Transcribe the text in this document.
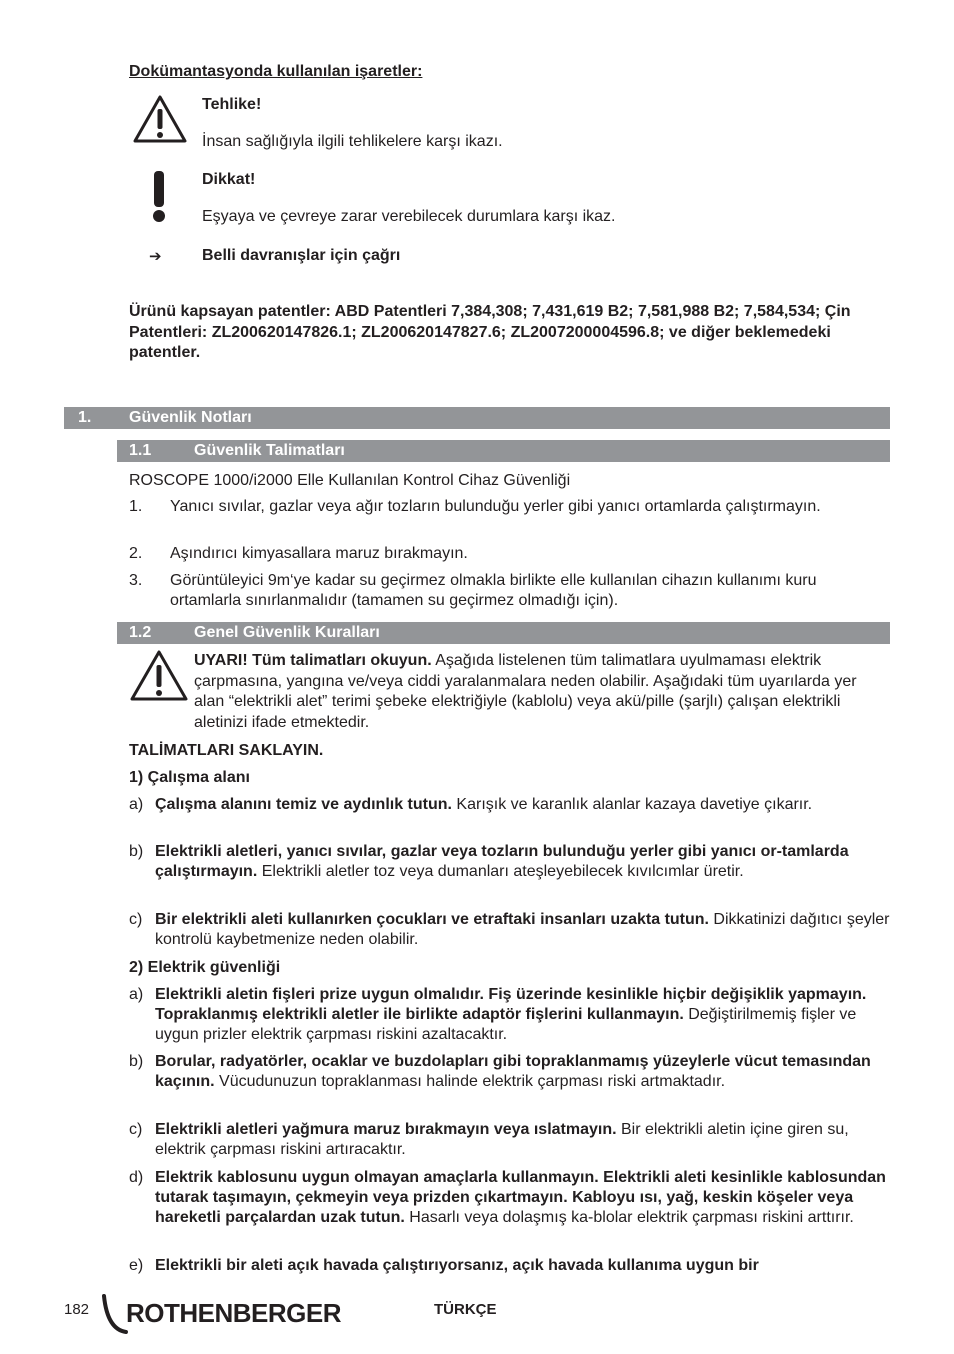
Dokümantasyonda kullanılan işaretler:
Tehlike!
İnsan sağlığıyla ilgili tehlikelere karşı ikazı.
Dikkat!
Eşyaya ve çevreye zarar verebilecek durumlara karşı ikaz.
➔	Belli davranışlar için çağrı
Ürünü kapsayan patentler: ABD Patentleri 7,384,308; 7,431,619 B2; 7,581,988 B2; 7,584,534; Çin Patentleri: ZL200620147826.1; ZL200620147827.6; ZL2007200004596.8; ve diğer beklemedeki patentler.
1. Güvenlik Notları
1.1	Güvenlik Talimatları
ROSCOPE 1000/i2000 Elle Kullanılan Kontrol Cihaz Güvenliği
1. Yanıcı sıvılar, gazlar veya ağır tozların bulunduğu yerler gibi yanıcı ortamlarda çalıştırmayın.
2. Aşındırıcı kimyasallara maruz bırakmayın.
3. Görüntüleyici 9m‘ye kadar su geçirmez olmakla birlikte elle kullanılan cihazın kullanımı kuru ortamlarla sınırlanmalıdır (tamamen su geçirmez olmadığı için).
1.2	Genel Güvenlik Kuralları
UYARI! Tüm talimatları okuyun. Aşağıda listelenen tüm talimatlara uyulmaması elektrik çarpmasına, yangına ve/veya ciddi yaralanmalara neden olabilir. Aşağıdaki tüm uyarılarda yer alan “elektrikli alet” terimi şebeke elektriğiyle (kablolu) veya akü/pille (şarjlı) çalışan elektrikli aletinizi ifade etmektedir.
TALİMATLARI SAKLAYIN.
1) Çalışma alanı
a) Çalışma alanını temiz ve aydınlık tutun. Karışık ve karanlık alanlar kazaya davetiye çıkarır.
b) Elektrikli aletleri, yanıcı sıvılar, gazlar veya tozların bulunduğu yerler gibi yanıcı or-tamlarda çalıştırmayın. Elektrikli aletler toz veya dumanları ateşleyebilecek kıvılcımlar üretir.
c) Bir elektrikli aleti kullanırken çocukları ve etraftaki insanları uzakta tutun. Dikkatinizi dağıtıcı şeyler kontrolü kaybetmenize neden olabilir.
2) Elektrik güvenliği
a) Elektrikli aletin fişleri prize uygun olmalıdır. Fiş üzerinde kesinlikle hiçbir değişiklik yapmayın. Topraklanmış elektrikli aletler ile birlikte adaptör fişlerini kullanmayın. Değiştirilmemiş fişler ve uygun prizler elektrik çarpması riskini azaltacaktır.
b) Borular, radyatörler, ocaklar ve buzdolapları gibi topraklanmamış yüzeylerle vücut temasından kaçının. Vücudunuzun topraklanması halinde elektrik çarpması riski artmaktadır.
c) Elektrikli aletleri yağmura maruz bırakmayın veya ıslatmayın. Bir elektrikli aletin içine giren su, elektrik çarpması riskini artıracaktır.
d) Elektrik kablosunu uygun olmayan amaçlarla kullanmayın. Elektrikli aleti kesinlikle kablosundan tutarak taşımayın, çekmeyin veya prizden çıkartmayın. Kabloyu ısı, yağ, keskin köşeler veya hareketli parçalardan uzak tutun. Hasarlı veya dolaşmış ka-blolar elektrik çarpması riskini arttırır.
e) Elektrikli bir aleti açık havada çalıştırıyorsanız, açık havada kullanıma uygun bir
182 ROTHENBERGER	TÜRKÇE
